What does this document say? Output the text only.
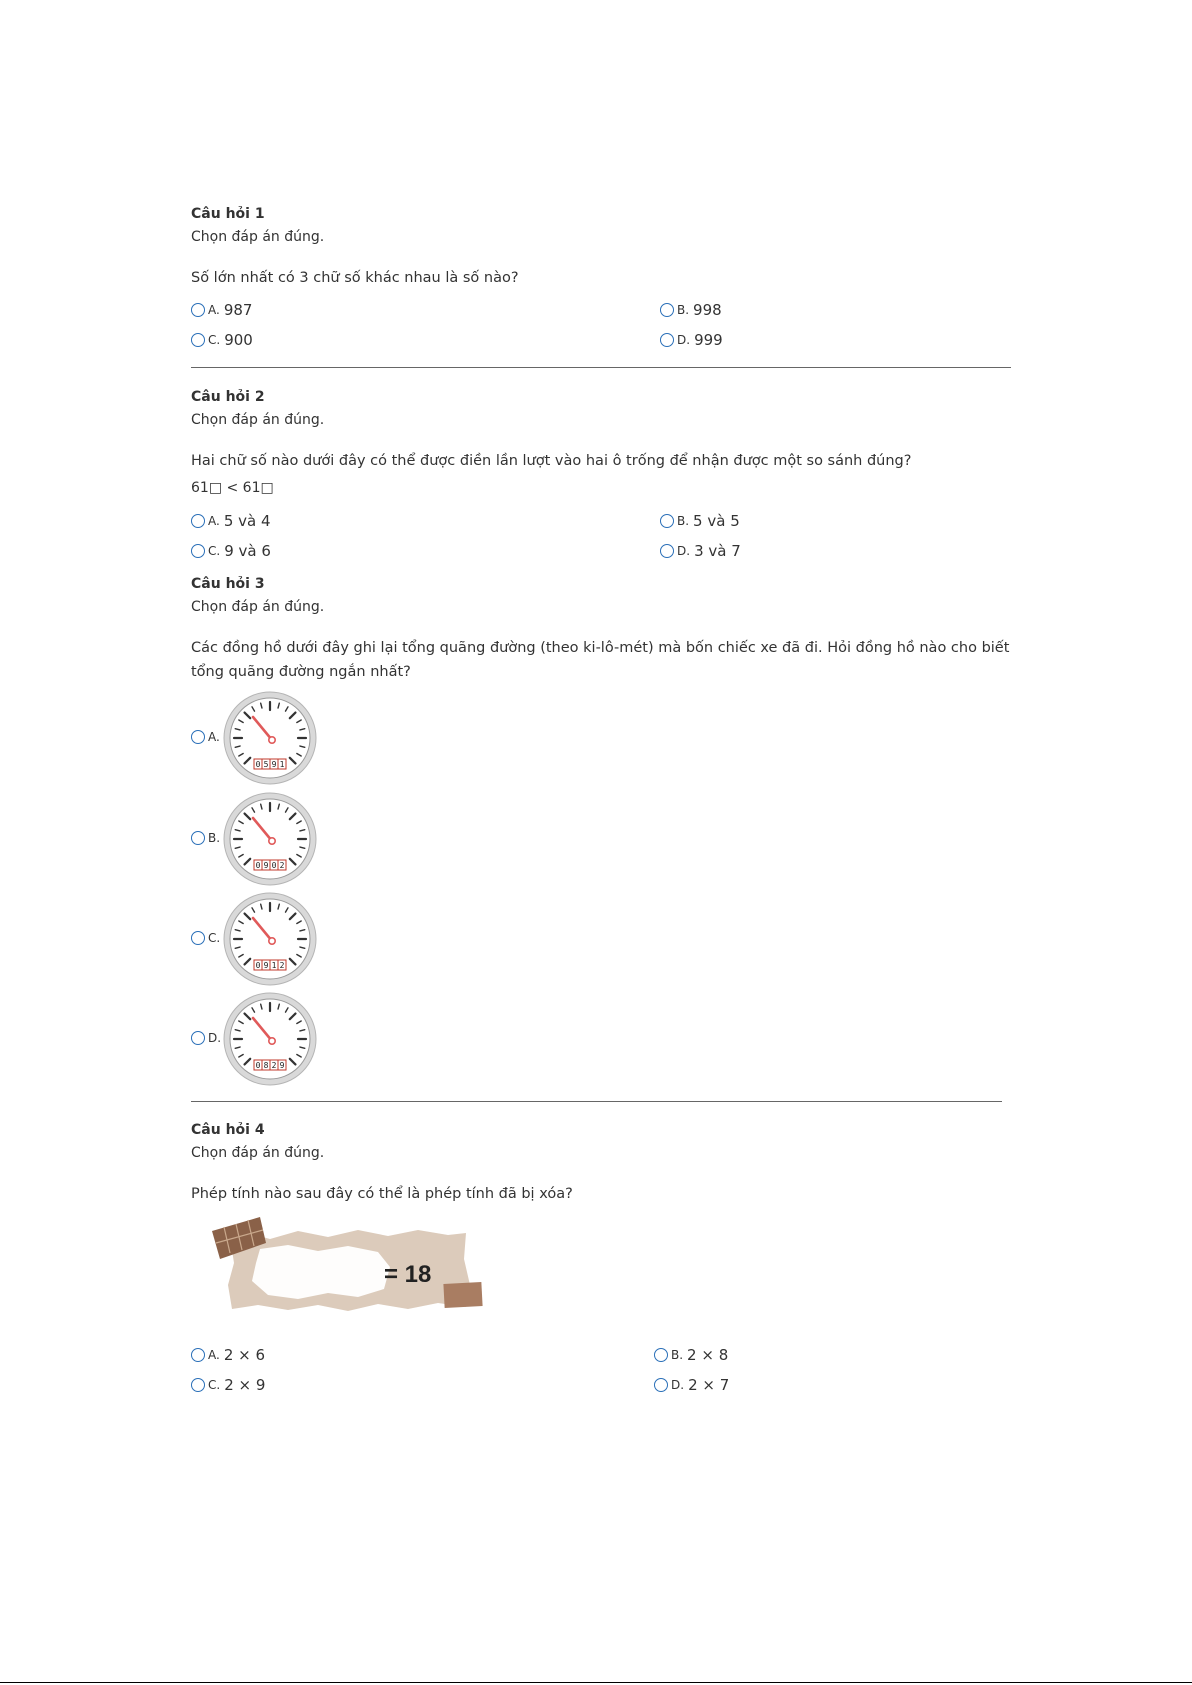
Câu hỏi 1

Chọn đáp án đúng.

Số lớn nhất có 3 chữ số khác nhau là số nào?
A. 987	B. 998
C. 900	D. 999

Câu hỏi 2

Chọn đáp án đúng.

Hai chữ số nào dưới đây có thể được điền lần lượt vào hai ô trống để nhận được một so sánh đúng?
61□ < 61□
A. 5 và 4	B. 5 và 5
C. 9 và 6	D. 3 và 7

Câu hỏi 3

Chọn đáp án đúng.

Các đồng hồ dưới đây ghi lại tổng quãng đường (theo ki-lô-mét) mà bốn chiếc xe đã đi. Hỏi đồng hồ nào cho biết
tổng quãng đường ngắn nhất?
A.
0 5 9 1
B.
0 9 0 2
C.
0 9 1 2
D.
0 8 2 9

Câu hỏi 4

Chọn đáp án đúng.

Phép tính nào sau đây có thể là phép tính đã bị xóa?
= 18
A. 2 × 6	B. 2 × 8
C. 2 × 9	D. 2 × 7
